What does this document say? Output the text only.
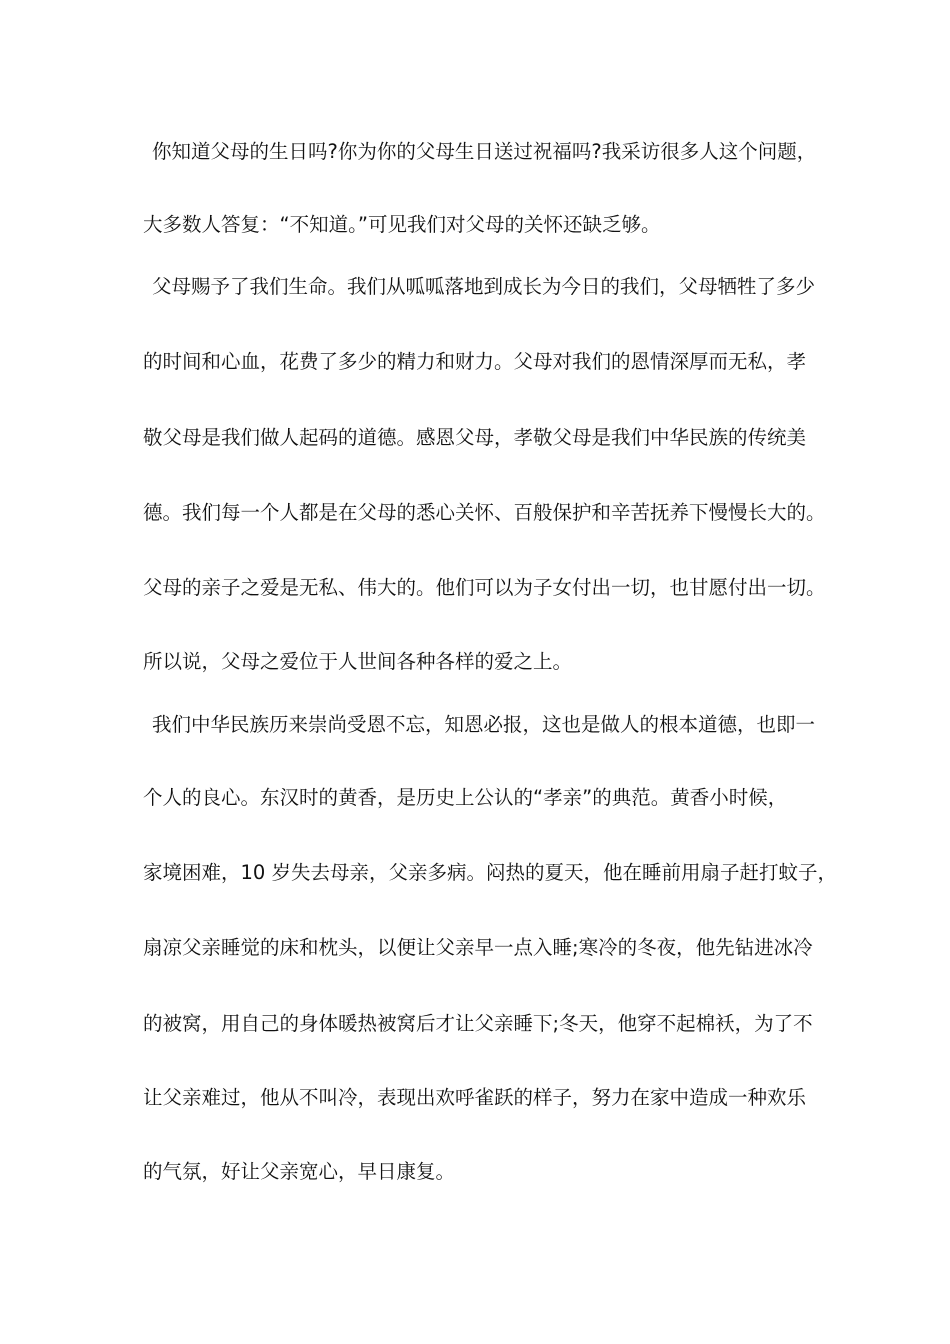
你知道父母的生日吗?你为你的父母生日送过祝福吗?我采访很多人这个问题，
大多数人答复：“不知道。”可见我们对父母的关怀还缺乏够。
父母赐予了我们生命。我们从呱呱落地到成长为今日的我们，父母牺牲了多少
的时间和心血，花费了多少的精力和财力。父母对我们的恩情深厚而无私，孝
敬父母是我们做人起码的道德。感恩父母，孝敬父母是我们中华民族的传统美
德。我们每一个人都是在父母的悉心关怀、百般保护和辛苦抚养下慢慢长大的。
父母的亲子之爱是无私、伟大的。他们可以为子女付出一切，也甘愿付出一切。
所以说，父母之爱位于人世间各种各样的爱之上。
我们中华民族历来崇尚受恩不忘，知恩必报，这也是做人的根本道德，也即一
个人的良心。东汉时的黄香，是历史上公认的“孝亲”的典范。黄香小时候，
家境困难，10 岁失去母亲，父亲多病。闷热的夏天，他在睡前用扇子赶打蚊子，
扇凉父亲睡觉的床和枕头，以便让父亲早一点入睡;寒冷的冬夜，他先钻进冰冷
的被窝，用自己的身体暖热被窝后才让父亲睡下;冬天，他穿不起棉袄，为了不
让父亲难过，他从不叫冷，表现出欢呼雀跃的样子，努力在家中造成一种欢乐
的气氛，好让父亲宽心，早日康复。
